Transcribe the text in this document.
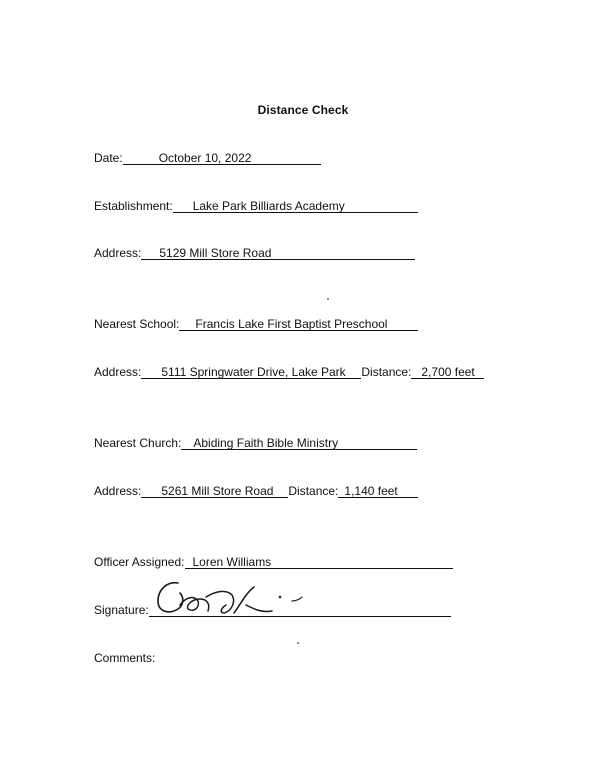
Distance Check
Date:	October 10, 2022
Establishment: Lake Park Billiards Academy
Address: 5129 Mill Store Road
Nearest School: Francis Lake First Baptist Preschool
Address: 5111 Springwater Drive, Lake Park Distance: 2,700 feet
Nearest Church: Abiding Faith Bible Ministry
Address: 5261 Mill Store Road Distance: 1,140 feet
Officer Assigned: Loren Williams
Signature:
Comments:
